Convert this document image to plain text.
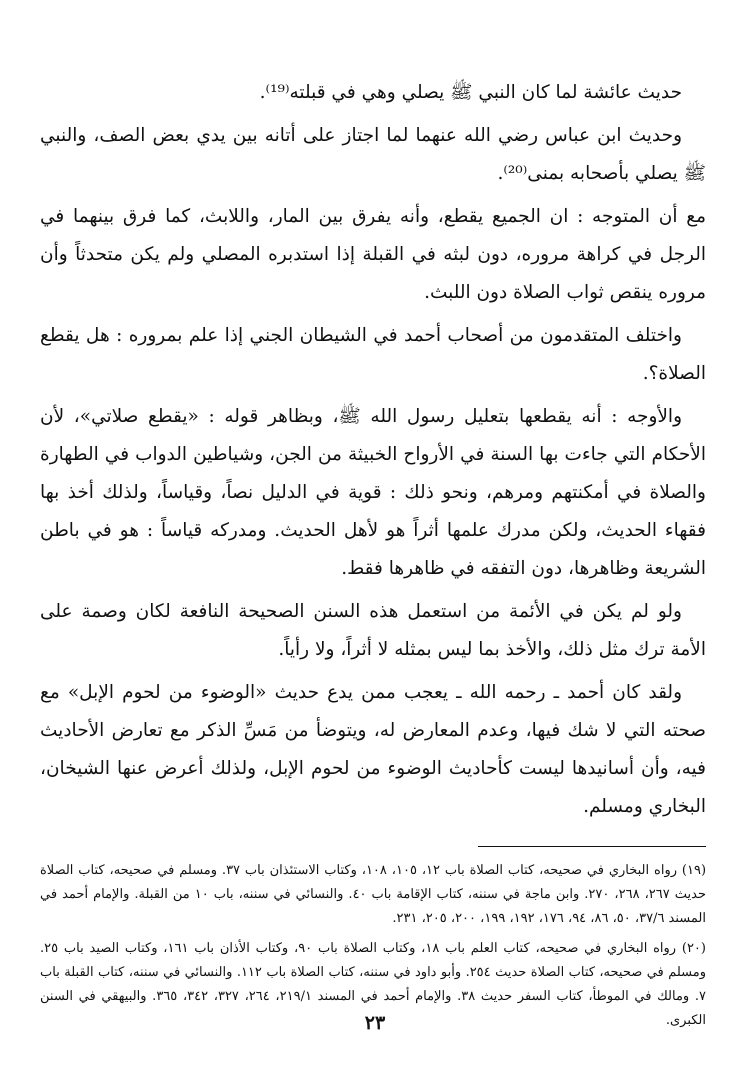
حديث عائشة لما كان النبي ﷺ يصلي وهي في قبلته⁽¹⁹⁾.

وحديث ابن عباس رضي الله عنهما لما اجتاز على أتانه بين يدي بعض الصف، والنبي ﷺ يصلي بأصحابه بمنى⁽²⁰⁾.

مع أن المتوجه : ان الجميع يقطع، وأنه يفرق بين المار، واللابث، كما فرق بينهما في الرجل في كراهة مروره، دون لبثه في القبلة إذا استدبره المصلي ولم يكن متحدثاً وأن مروره ينقص ثواب الصلاة دون اللبث.

واختلف المتقدمون من أصحاب أحمد في الشيطان الجني إذا علم بمروره : هل يقطع الصلاة؟.

والأوجه : أنه يقطعها بتعليل رسول الله ﷺ، وبظاهر قوله : «يقطع صلاتي»، لأن الأحكام التي جاءت بها السنة في الأرواح الخبيثة من الجن، وشياطين الدواب في الطهارة والصلاة في أمكنتهم ومرهم، ونحو ذلك : قوية في الدليل نصاً، وقياساً، ولذلك أخذ بها فقهاء الحديث، ولكن مدرك علمها أثراً هو لأهل الحديث. ومدركه قياساً : هو في باطن الشريعة وظاهرها، دون التفقه في ظاهرها فقط.

ولو لم يكن في الأئمة من استعمل هذه السنن الصحيحة النافعة لكان وصمة على الأمة ترك مثل ذلك، والأخذ بما ليس بمثله لا أثراً، ولا رأياً.

ولقد كان أحمد ـ رحمه الله ـ يعجب ممن يدع حديث «الوضوء من لحوم الإبل» مع صحته التي لا شك فيها، وعدم المعارض له، ويتوضأ من مَسِّ الذكر مع تعارض الأحاديث فيه، وأن أسانيدها ليست كأحاديث الوضوء من لحوم الإبل، ولذلك أعرض عنها الشيخان، البخاري ومسلم.

(١٩) رواه البخاري في صحيحه، كتاب الصلاة باب ١٢، ١٠٥، ١٠٨، وكتاب الاستئذان باب ٣٧. ومسلم في صحيحه، كتاب الصلاة حديث ٢٦٧، ٢٦٨، ٢٧٠. وابن ماجة في سننه، كتاب الإقامة باب ٤٠. والنسائي في سننه، باب ١٠ من القبلة. والإمام أحمد في المسند ٣٧/٦، ٥٠، ٨٦، ٩٤، ١٧٦، ١٩٢، ١٩٩، ٢٠٠، ٢٠٥، ٢٣١.

(٢٠) رواه البخاري في صحيحه، كتاب العلم باب ١٨، وكتاب الصلاة باب ٩٠، وكتاب الأذان باب ١٦١، وكتاب الصيد باب ٢٥. ومسلم في صحيحه، كتاب الصلاة حديث ٢٥٤. وأبو داود في سننه، كتاب الصلاة باب ١١٢. والنسائي في سننه، كتاب القبلة باب ٧. ومالك في الموطأ، كتاب السفر حديث ٣٨. والإمام أحمد في المسند ٢١٩/١، ٢٦٤، ٣٢٧، ٣٤٢، ٣٦٥. والبيهقي في السنن الكبرى.

٢٣
